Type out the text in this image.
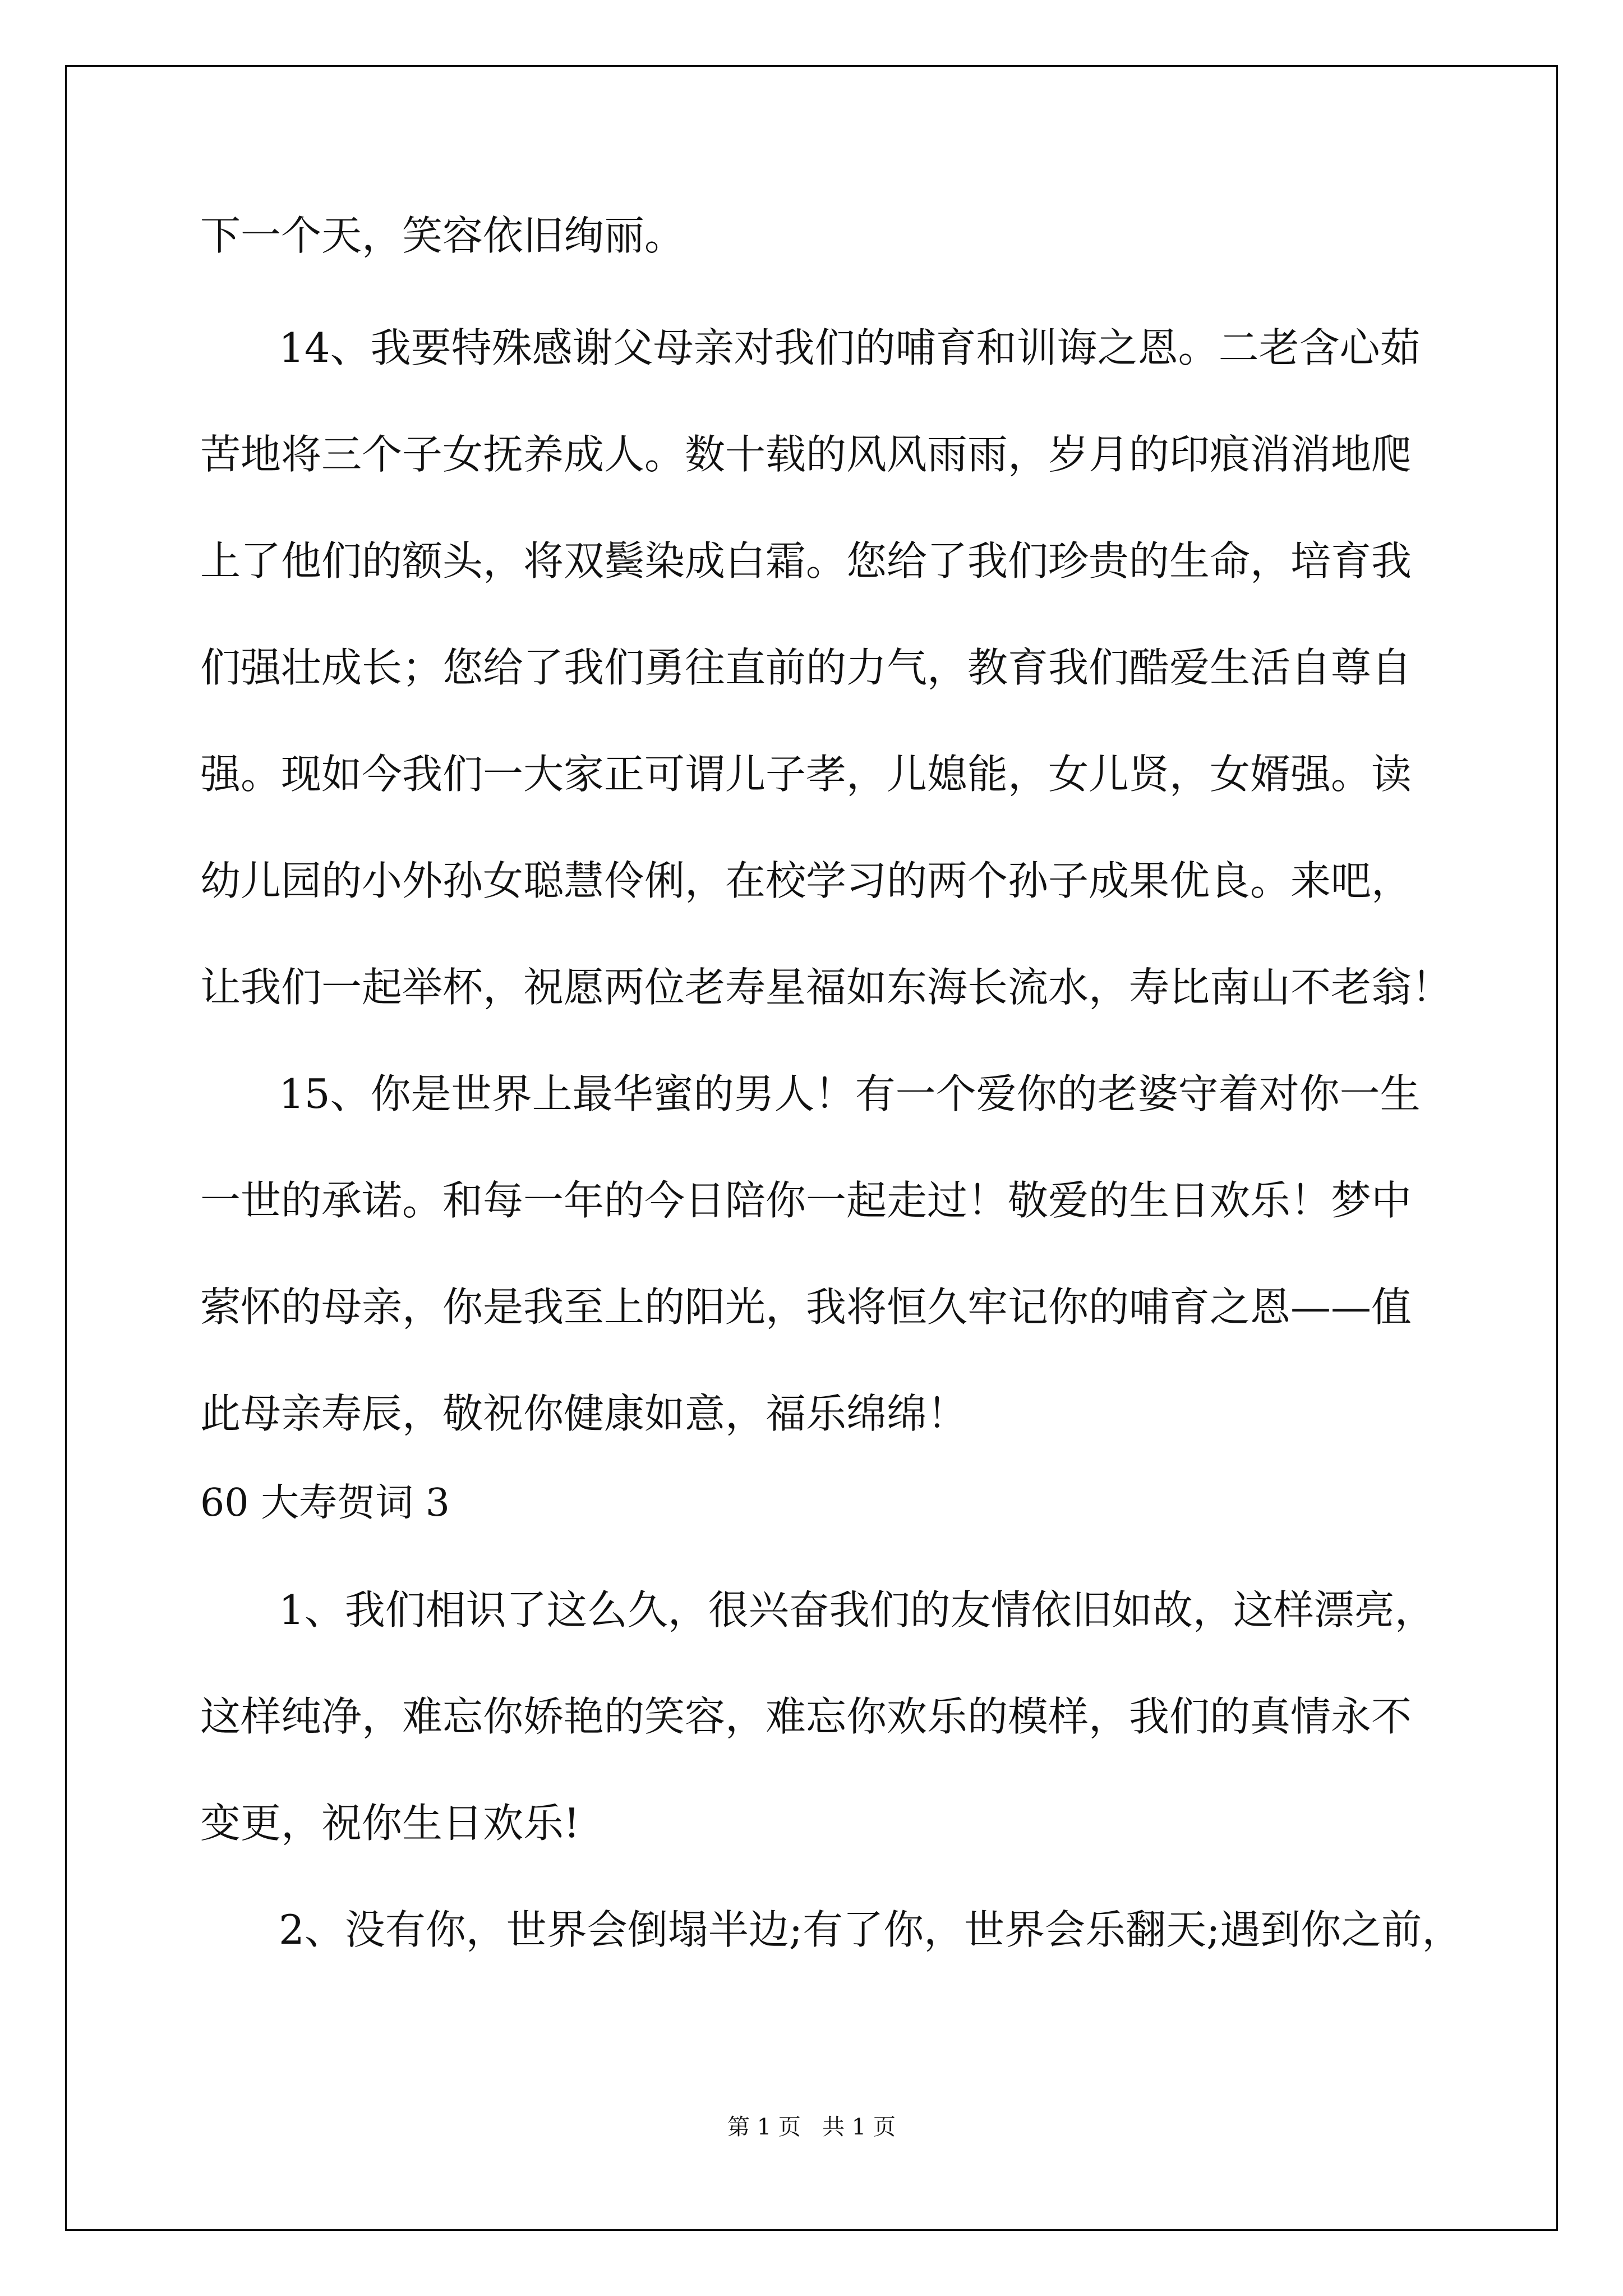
下一个天，笑容依旧绚丽。
14、我要特殊感谢父母亲对我们的哺育和训诲之恩。二老含心茹
苦地将三个子女抚养成人。数十载的风风雨雨，岁月的印痕消消地爬
上了他们的额头，将双鬓染成白霜。您给了我们珍贵的生命，培育我
们强壮成长；您给了我们勇往直前的力气，教育我们酷爱生活自尊自
强。现如今我们一大家正可谓儿子孝，儿媳能，女儿贤，女婿强。读
幼儿园的小外孙女聪慧伶俐，在校学习的两个孙子成果优良。来吧，
让我们一起举杯，祝愿两位老寿星福如东海长流水，寿比南山不老翁！
15、你是世界上最华蜜的男人！有一个爱你的老婆守着对你一生
一世的承诺。和每一年的今日陪你一起走过！敬爱的生日欢乐！梦中
萦怀的母亲，你是我至上的阳光，我将恒久牢记你的哺育之恩——值
此母亲寿辰，敬祝你健康如意，福乐绵绵！
60 大寿贺词 3
1、我们相识了这么久，很兴奋我们的友情依旧如故，这样漂亮，
这样纯净，难忘你娇艳的笑容，难忘你欢乐的模样，我们的真情永不
变更，祝你生日欢乐!
2、没有你，世界会倒塌半边;有了你，世界会乐翻天;遇到你之前，
第 1 页   共 1 页
